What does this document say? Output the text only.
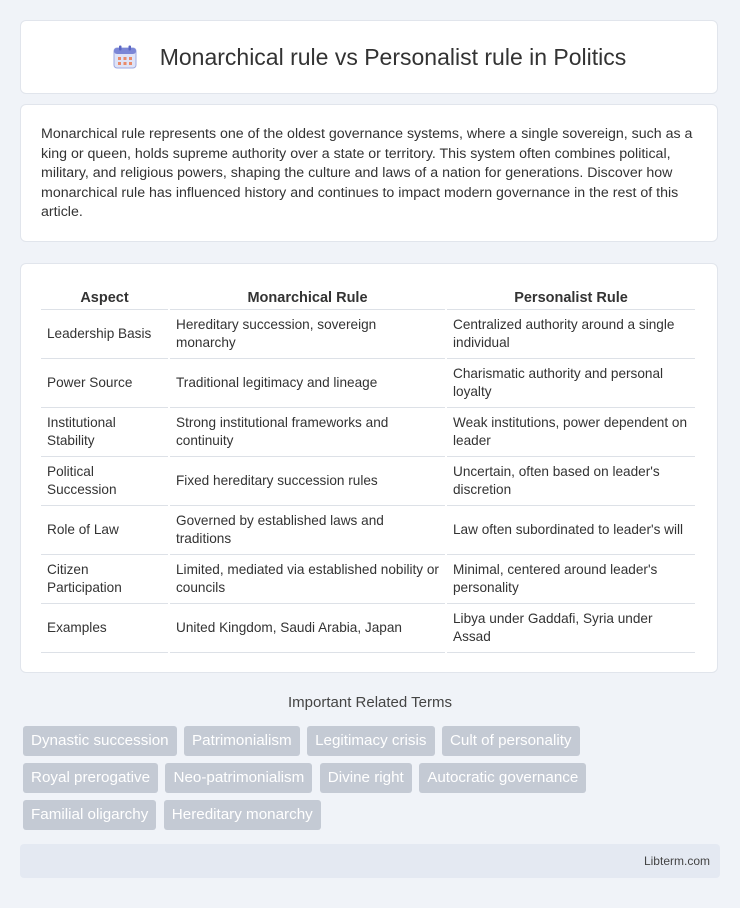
Monarchical rule vs Personalist rule in Politics

Monarchical rule represents one of the oldest governance systems, where a single sovereign, such as a king or queen, holds supreme authority over a state or territory. This system often combines political, military, and religious powers, shaping the culture and laws of a nation for generations. Discover how monarchical rule has influenced history and continues to impact modern governance in the rest of this article.

Aspect	Monarchical Rule	Personalist Rule
Leadership Basis	Hereditary succession, sovereign monarchy	Centralized authority around a single individual
Power Source	Traditional legitimacy and lineage	Charismatic authority and personal loyalty
Institutional Stability	Strong institutional frameworks and continuity	Weak institutions, power dependent on leader
Political Succession	Fixed hereditary succession rules	Uncertain, often based on leader's discretion
Role of Law	Governed by established laws and traditions	Law often subordinated to leader's will
Citizen Participation	Limited, mediated via established nobility or councils	Minimal, centered around leader's personality
Examples	United Kingdom, Saudi Arabia, Japan	Libya under Gaddafi, Syria under Assad
Important Related Terms
Dynastic succession Patrimonialism Legitimacy crisis Cult of personality Royal prerogative Neo-patrimonialism Divine right Autocratic governance Familial oligarchy Hereditary monarchy
Libterm.com
